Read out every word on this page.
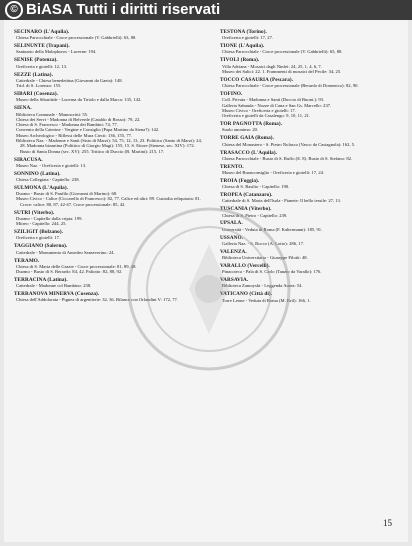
SECINARO (L'Aquila).
Chiesa Parrocchiale - Croce processionale (V. Gabbrielli): 63, 88.
SELINUNTE (Trapani).
Santuario della Malophoros - Lucerne: 194.
SENISE (Potenza).
Oreficeria e gioielli: 12, 13.
SEZZE (Latina).
Cattedrale - Chiesa benedettina (Giovanni da Gaeta): 148.
Trid. di S. Lorenzo: 155.
SIBARI (Cosenza).
Museo della Sibaritide - Lucerna da Tiriolo e dalla Marca: 135, 142.
SIENA.
Biblioteca Comunale - Manoscritti: 55.
Chiesa dei Servi - Madonna di Belverde (Cataldo di Rosso): 79, 22.
Chiesa di S. Francesco - Madonna dei Bambini: 74, 77.
Convento della Caterine - Vergine e Consiglio (Papa Martino da Siena?): 142.
Museo Archeologico - Riflessi delle Mura Ciecii: 136, 155, 77.
Biblioteca Naz. - Madonne e Santi (Sisto di Marzi): 54, 75, 12, 13, 23. Polittico (Santo di Marzi): 24, 28. Madonna bizantina (Polittico di Giorgio Magi): 155, 15. S. Ettore (Sienese, sec. XIV): 172. Busto di Santa Donna (sec. XV): 255. Trittico di Duccio (B. Martini): 215, 17.
SIRACUSA.
Museo Naz. - Oreficeria e gioielli: 13.
SONNINO (Latina).
Chiesa Collegiata - Capitello: 238.
SULMONA (L'Aquila).
Duomo - Busto di S. Panfilo (Giovanni di Marino): 68.
Museo Civico - Calice (Ciccarello di Francesco): 82, 77. Calice ed altri: 89. Custodia reliquiaria: 81. Croce: calice: 80, 87, 42-47. Croce processionale: 85, 42.
SUTRI (Viterbo).
Duomo - Capitello dalla cripta: 199.
Mitreo - Capitello: 244, 25.
SZILIGIT (Bolzano).
Oreficeria e gioielli: 17.
TAGGIANO (Salerno).
Cattedrale - Monumento di Ansedeo Sanseverino: 24.
TERAMO.
Chiesa di S. Maria delle Grazie - Croce processionale: 81, 89, 48.
Duomo - Busto di S. Berardo: 84, 42. Paliotto: 82, 88, 92.
TERRACINA (Latina).
Cattedrale - Madonne col Bambino: 238.
TERRANOVA MINERVA (Cosenza).
Chiesa dell'Addolorata - Pignea di argentierie: 32, 36. Bilance con Orlandini V: 172, 77.
TESTONA (Torino).
Oreficeria e gioielli: 17, 27.
TIONE (L'Aquila).
Chiesa Parrocchiale - Croce processionale (V. Gabbrielli): 65, 88.
TIVOLI (Roma).
Villa Adriana - Mosaici dagli Ninfei: 24, 25, 1, 4, 6, 7.
Museo dei Salici: 22. 1. Frammenti di mosaici del Pecile: 34, 25.
TOCCO CASAURIA (Pescara).
Chiesa Parrocchiale - Croce processionale (Berardo di Domenico): 82, 90.
TOFINO.
Coll. Privata - Madonna e Santi (Duccio di Buoni.): 93.
Galleria Sabauda - Nozze di Cana e San Gs. Marcello: 237.
Museo Civico - Oreficeria e gioielli: 17.
Oreficeria e gioielli da Casalengo: 9, 10, 11, 21.
TOR PAGNOTTA (Roma).
Suolo anonimo: 20.
TORRE GAIA (Roma).
Chiesa del Monastero - S. Pietro Nolasco (Vasco da Castagnola): 162, 5.
TRASACCO (L'Aquila).
Chiesa Parrocchiale - Busto di S. Ruffo (E. 8). Busto di S. Stefano: 82.
TRENTO.
Museo del Buonconsiglio - Oreficeria e gioielli: 17, 24.
TROIA (Foggia).
Chiesa di S. Basilio - Capitello: 190.
TROPEA (Catanzaro).
Cattedrale di S. Maria dell'Isola - Pianete: Il bello tessile: 27, 13.
TUSCANIA (Viterbo).
Chiesa di S. Pietro - Capitello: 239.
UPSALA.
Università - Veduta di Roma (F. Kaltermann): 185, 91.
USSANO.
Galleria Naz. - S. Rocco (A. Lotto): 286, 17.
VALENZA.
Biblioteca Universitaria - Giuseppe Filotti: 48.
VARALLO (Vercelli).
Pinacoteca - Pala di S. Carlo (Tanzio da Varallo): 176.
VARSAVIA.
Biblioteca Zamoyski - Leggenda Aurea: 54.
VATICANO (Città di).
Torre Leone - Veduta di Roma (M. Bril): 166, 1.
15
© BiASA Tutti i diritti riservati
